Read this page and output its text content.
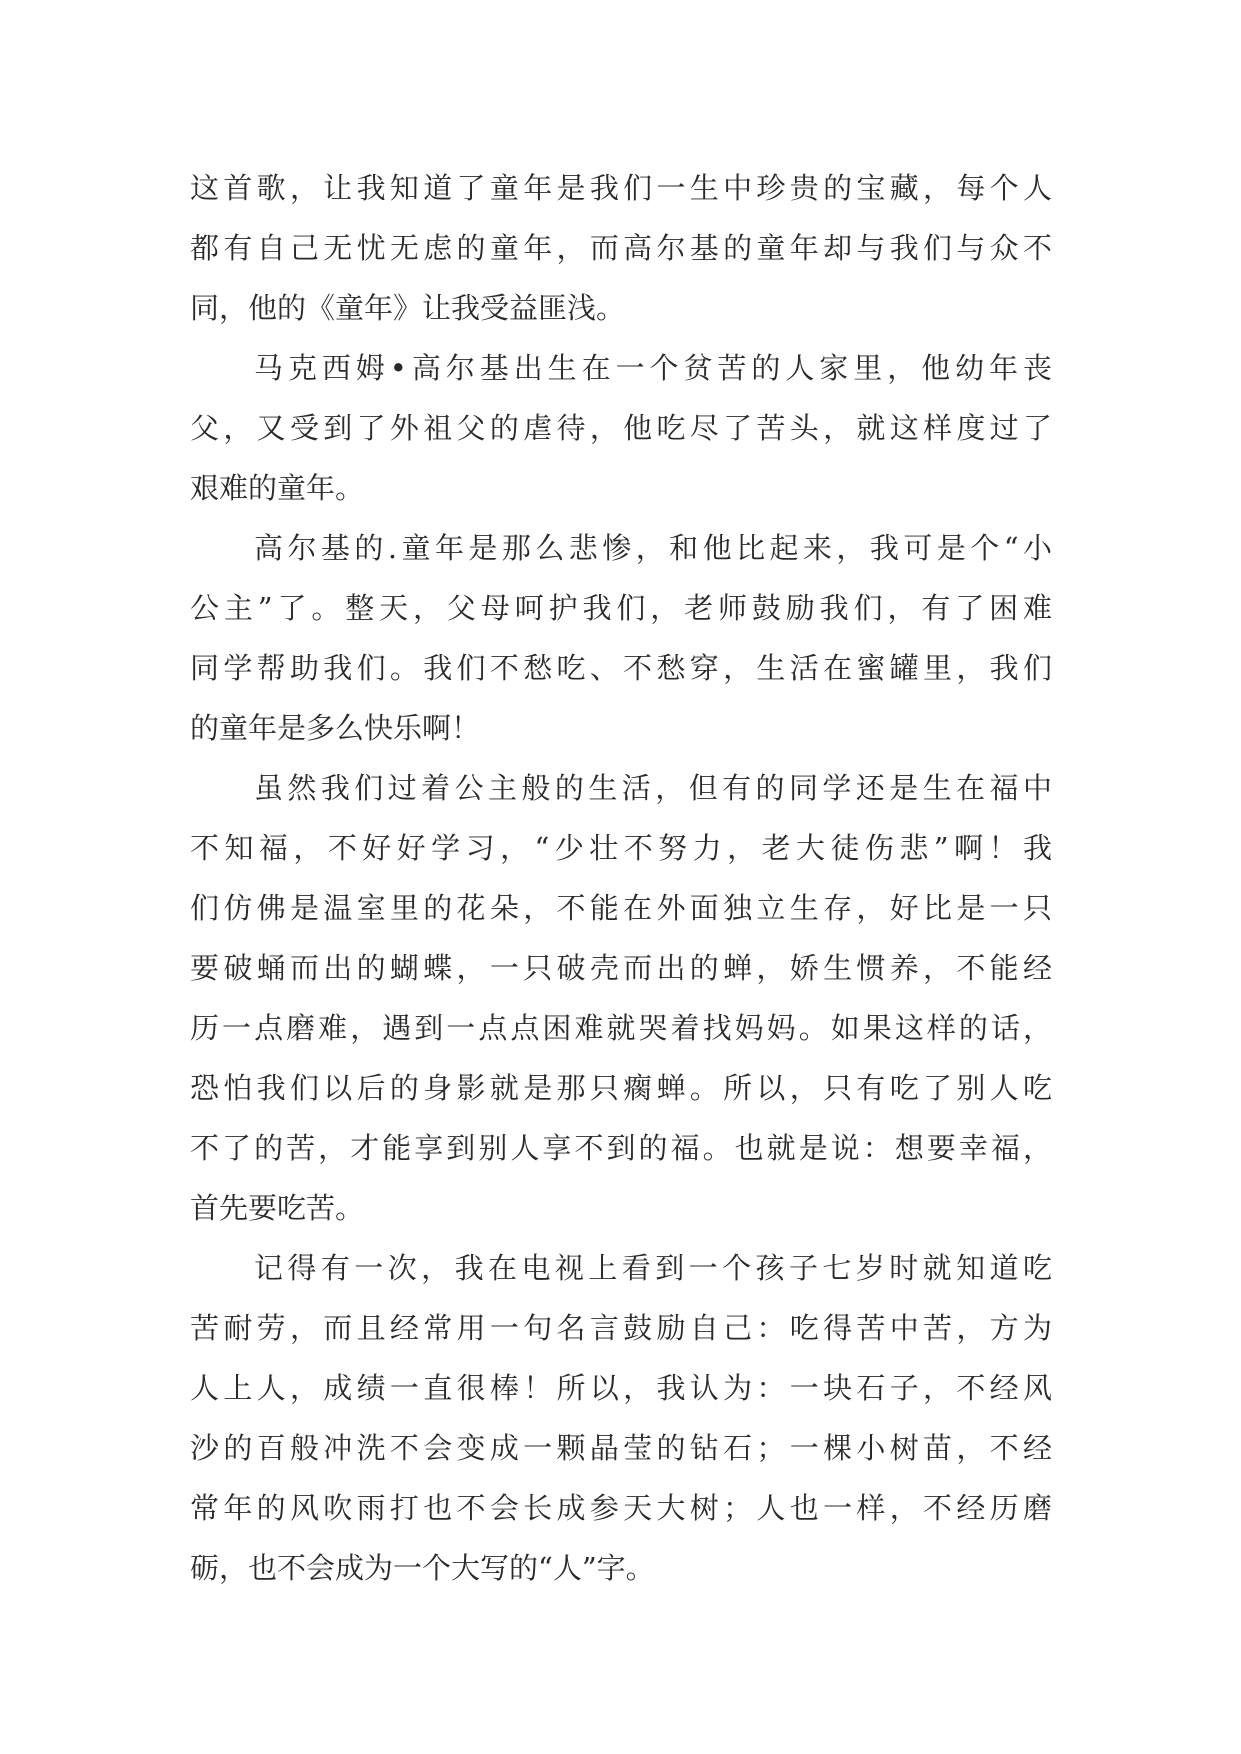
这首歌，让我知道了童年是我们一生中珍贵的宝藏，每个人
都有自己无忧无虑的童年，而高尔基的童年却与我们与众不
同，他的《童年》让我受益匪浅。
马克西姆•高尔基出生在一个贫苦的人家里，他幼年丧
父，又受到了外祖父的虐待，他吃尽了苦头，就这样度过了
艰难的童年。
高尔基的.童年是那么悲惨，和他比起来，我可是个“小
公主”了。整天，父母呵护我们，老师鼓励我们，有了困难
同学帮助我们。我们不愁吃、不愁穿，生活在蜜罐里，我们
的童年是多么快乐啊！
虽然我们过着公主般的生活，但有的同学还是生在福中
不知福，不好好学习，“少壮不努力，老大徒伤悲”啊！我
们仿佛是温室里的花朵，不能在外面独立生存，好比是一只
要破蛹而出的蝴蝶，一只破壳而出的蝉，娇生惯养，不能经
历一点磨难，遇到一点点困难就哭着找妈妈。如果这样的话，
恐怕我们以后的身影就是那只瘸蝉。所以，只有吃了别人吃
不了的苦，才能享到别人享不到的福。也就是说：想要幸福，
首先要吃苦。
记得有一次，我在电视上看到一个孩子七岁时就知道吃
苦耐劳，而且经常用一句名言鼓励自己：吃得苦中苦，方为
人上人，成绩一直很棒！所以，我认为：一块石子，不经风
沙的百般冲洗不会变成一颗晶莹的钻石；一棵小树苗，不经
常年的风吹雨打也不会长成参天大树；人也一样，不经历磨
砺，也不会成为一个大写的“人”字。
